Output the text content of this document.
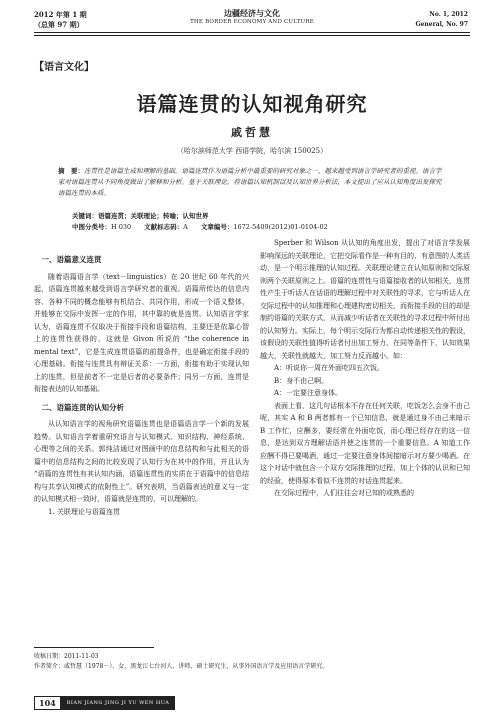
2012 年第 1 期
（总第 97 期）
边疆经济与文化
THE BORDER ECONOMY AND CULTURE
No. 1, 2012
General, No. 97
【语言文化】
语篇连贯的认知视角研究
戚哲慧
（哈尔滨师范大学 西语学院，哈尔滨 150025）
摘　要：连贯性是语篇生成和理解的基础。语篇连贯作为语篇分析中最重要的研究对象之一，越来越受到语言学研究者的重视。语言学家对语篇连贯从不同角度做出了解释和分析。基于关联理论，将语篇认知机制以及认知世界分析法，本文提出了应从认知角度出发探究语篇连贯的本质。
关键词：语篇连贯；关联理论；转喻；认知世界
中图分类号：H 030　　 文献标志码：A　　 文章编号：1672-5409(2012)01-0104-02
一、语篇意义连贯

随着语篇语言学（text－linguistics）在 20 世纪 60 年代的兴起，语篇连贯越来越受到语言学研究者的重视。语篇所传达的信息内容、各种不同的概念能够有机结合、共同作用，形成一个语义整体，并能够在交际中发挥一定的作用，其中靠的就是连贯。认知语言学家认为，语篇连贯不仅取决于衔接手段和语篇结构，主要还是依靠心智上的连贯性获得的，这就是 Givon 所说的 “the coherence in mental text”，它是生成连贯语篇的前提条件，也是确定衔接手段的心理基础。衔接与连贯具有辩证关系：一方面，衔接有助于实现认知上的连贯，但是前者不一定是后者的必要条件；同另一方面，连贯是衔接表达的认知基础。

二、语篇连贯的认知分析

从认知语言学的视角研究语篇连贯也是语篇语言学一个新的发展趋势。认知语言学着重研究语言与认知模式、知识结构、神经系统、心理等之间的关系。郭纯洁通过对图画中的信息结构和与此相关的语篇中的信息结构之间的比较发现了认知行为在其中的作用，并且认为 “语篇的连贯性有其认知内涵，语篇连贯性的实质在于语篇中的信息结构与共享认知模式的依附性上”。研究表明，当语篇表达的意义与一定的认知模式相一致时，语篇就是连贯的，可以理解的。

1. 关联理论与语篇连贯

Sperber 和 Wilson 从认知的角度出发，提出了对语言学发展影响深远的关联理论，它把交际看作是一种有目的、有意图的人类活动，是一个明示推理的认知过程。关联理论建立在认知原则和交际原则两个关联原则之上。语篇的连贯性与语篇接收者的认知相关，连贯性产生于听话人在话语的理解过程中对关联性的寻求，它与听话人在交际过程中的认知推理和心理建构密切相关，而衔接手段的目的却是制约语篇的关联方式，从而减少听话者在关联性的寻求过程中所付出的认知努力。实际上，每个明示交际行为都自动传递相关性的假设，该假设的关联性值得听话者付出加工努力，在同等条件下，认知效果越大，关联性就越大，加工努力反而越小。如：

A：听说你一周在外面吃四五次饭。

B：身不由己啊。

A：一定要注意身体。

表面上看，这几句话根本不存在任何关联，吃饭怎么会身不由己呢，其实 A 和 B 两者都有一个已知信息，就是通过身不由己来暗示 B 工作忙，应酬多，要经常在外面吃饭，而心理已经存在的这一信息，是达到双方理解话语并使之连贯的一个重要信息。A 知道工作应酬不得已要喝酒，通过一定要注意身体间接暗示对方要少喝酒。在这个对话中就包含一个双方交际推理的过程，加上个体的认识和已知的经验，使得原本看似不连贯的对话连贯起来。

在交际过程中，人们往往会对已知的或熟悉的

收稿日期：2011-11-03
作者简介：戚哲慧（1978－），女，黑龙江七台河人，讲师，硕士研究生，从事外国语言学及应用语言学研究。
104	BIAN JIANG JING JI YU WEN HUA
